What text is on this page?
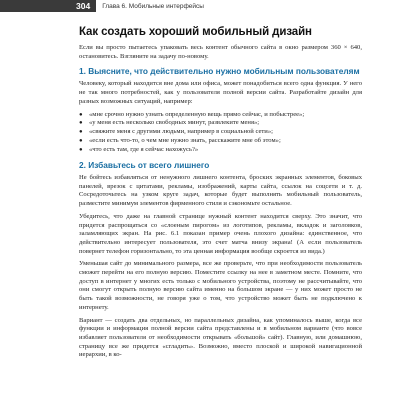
304	Глава 6. Мобильные интерфейсы
Как создать хороший мобильный дизайн

Если вы просто пытаетесь упаковать весь контент обычного сайта в окно размером 360 × 640, остановитесь. Взгляните на задачу по-новому.

1. Выясните, что действительно нужно мобильным пользователям

Человеку, который находится вне дома или офиса, может понадобиться всего одна функция. У него не так много потребностей, как у пользователя полной версии сайта. Разработайте дизайн для разных возможных ситуаций, например:

● «мне срочно нужно узнать определенную вещь прямо сейчас, и побыстрее»;
● «у меня есть несколько свободных минут, развлеките меня»;
● «свяжите меня с другими людьми, например в социальной сети»;
● «если есть что-то, о чем мне нужно знать, расскажите мне об этом»;
● «что есть там, где я сейчас нахожусь?»
2. Избавьтесь от всего лишнего

Не бойтесь избавляться от ненужного лишнего контента, броских экранных элементов, боковых панелей, врезок с цитатами, рекламы, изображений, карты сайта, ссылок на соцсети и т. д. Сосредоточьтесь на узком круге задач, которые будет выполнять мобильный пользователь, разместите минимум элементов фирменного стиля и сэкономьте остальное.

Убедитесь, что даже на главной странице нужный контент находится сверху. Это значит, что придется распрощаться со «слоеным пирогом» из логотипов, рекламы, вкладок и заголовков, заламляющих экран. На рис. 6.1 показан пример очень плохого дизайна: единственное, что действительно интересует пользователя, это счет матча внизу экрана! (А если пользователь повернет телефон горизонтально, то эта ценная информация вообще скроется из вида.)

Уменьшая сайт до минимального размера, все же проверьте, что при необходимости пользователь сможет перейти на его полную версию. Поместите ссылку на нее в заметном месте. Помните, что доступ в интернет у многих есть только с мобильного устройства, поэтому не рассчитывайте, что они смогут открыть полную версию сайта именно на большом экране — у них может просто не быть такой возможности, не говоря уже о том, что устройство может быть не подключено к интернету.

Вариант — создать два отдельных, но параллельных дизайна, как упоминалось выше, когда все функции и информация полной версии сайта представлены и в мобильном варианте (что вовсе избавляет пользователя от необходимости открывать «большой» сайт). Главную, или домашнюю, страницу все же придется «сгладить». Возможно, вместо плоской и широкой навигационной иерархии, в ко-
